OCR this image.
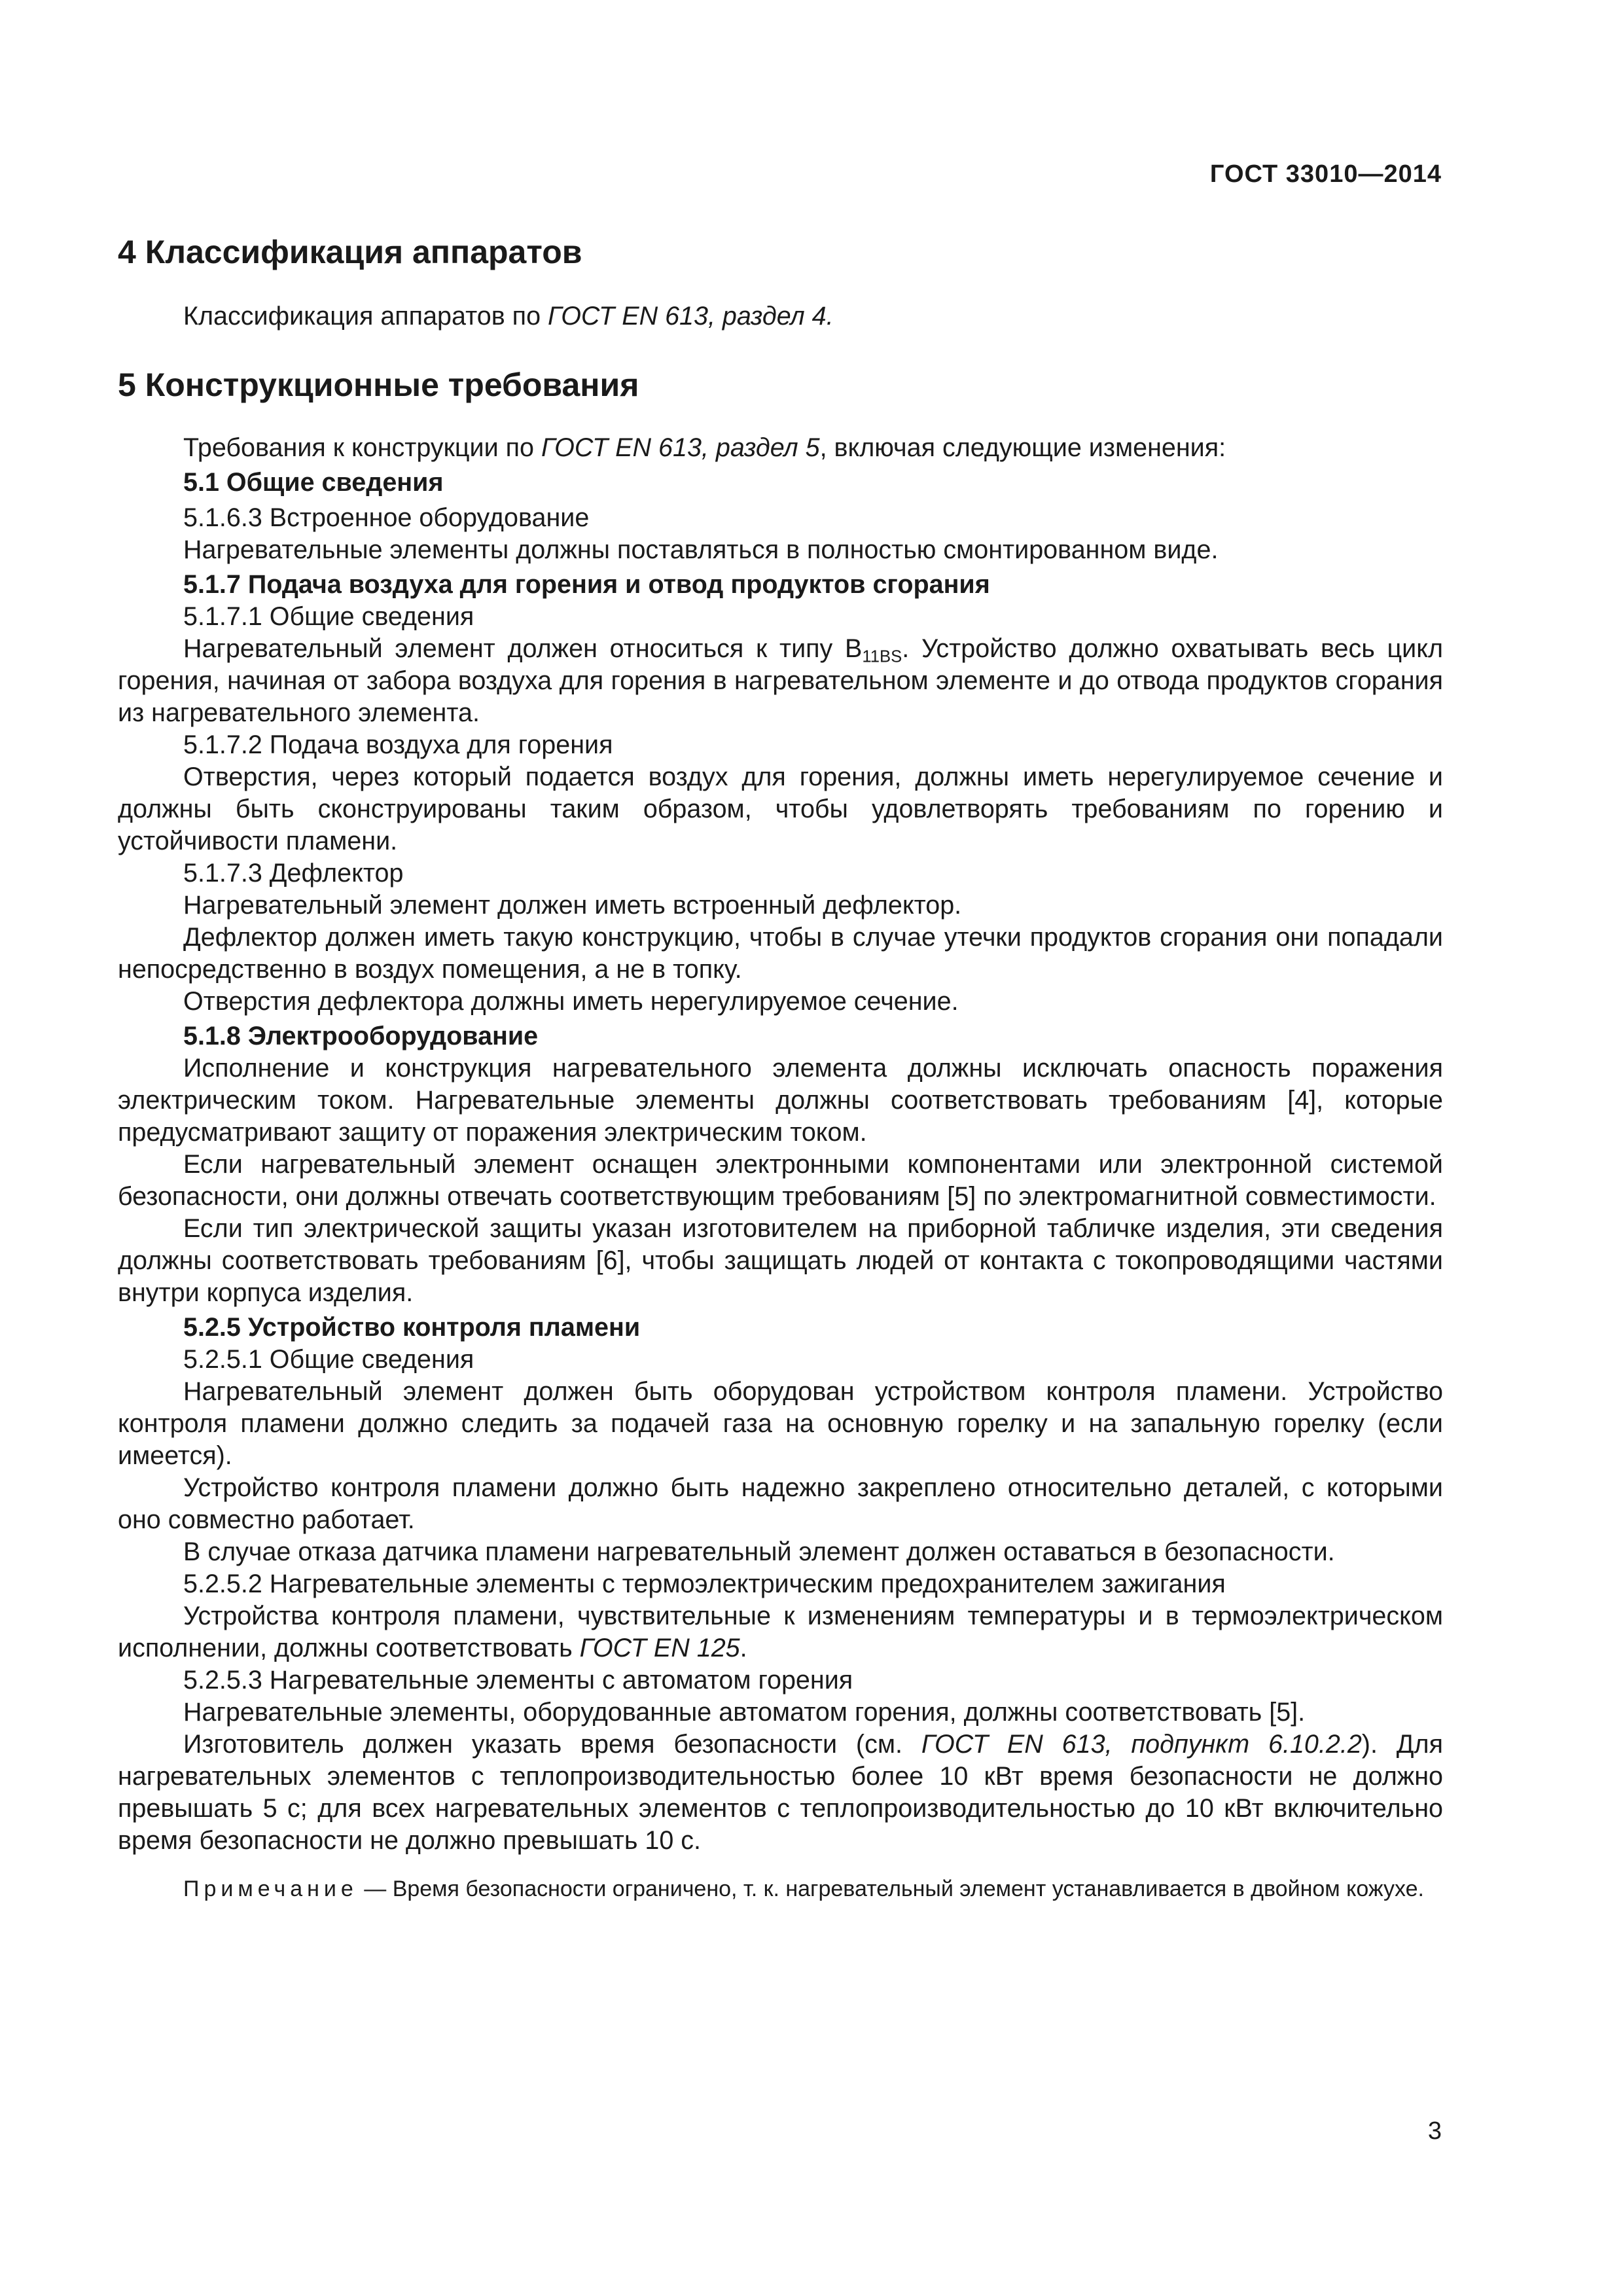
ГОСТ 33010—2014

4 Классификация аппаратов

Классификация аппаратов по ГОСТ EN 613, раздел 4.

5 Конструкционные требования

Требования к конструкции по ГОСТ EN 613, раздел 5, включая следующие изменения:

5.1 Общие сведения

5.1.6.3 Встроенное оборудование

Нагревательные элементы должны поставляться в полностью смонтированном виде.

5.1.7 Подача воздуха для горения и отвод продуктов сгорания

5.1.7.1 Общие сведения

Нагревательный элемент должен относиться к типу $B_{11BS}$. Устройство должно охватывать весь цикл горения, начиная от забора воздуха для горения в нагревательном элементе и до отвода продуктов сгорания из нагревательного элемента.

5.1.7.2 Подача воздуха для горения

Отверстия, через который подается воздух для горения, должны иметь нерегулируемое сечение и должны быть сконструированы таким образом, чтобы удовлетворять требованиям по горению и устойчивости пламени.

5.1.7.3 Дефлектор

Нагревательный элемент должен иметь встроенный дефлектор.

Дефлектор должен иметь такую конструкцию, чтобы в случае утечки продуктов сгорания они попадали непосредственно в воздух помещения, а не в топку.

Отверстия дефлектора должны иметь нерегулируемое сечение.

5.1.8 Электрооборудование

Исполнение и конструкция нагревательного элемента должны исключать опасность поражения электрическим током. Нагревательные элементы должны соответствовать требованиям [4], которые предусматривают защиту от поражения электрическим током.

Если нагревательный элемент оснащен электронными компонентами или электронной системой безопасности, они должны отвечать соответствующим требованиям [5] по электромагнитной совместимости.

Если тип электрической защиты указан изготовителем на приборной табличке изделия, эти сведения должны соответствовать требованиям [6], чтобы защищать людей от контакта с токопроводящими частями внутри корпуса изделия.

5.2.5 Устройство контроля пламени

5.2.5.1 Общие сведения

Нагревательный элемент должен быть оборудован устройством контроля пламени. Устройство контроля пламени должно следить за подачей газа на основную горелку и на запальную горелку (если имеется).

Устройство контроля пламени должно быть надежно закреплено относительно деталей, с которыми оно совместно работает.

В случае отказа датчика пламени нагревательный элемент должен оставаться в безопасности.

5.2.5.2 Нагревательные элементы с термоэлектрическим предохранителем зажигания

Устройства контроля пламени, чувствительные к изменениям температуры и в термоэлектрическом исполнении, должны соответствовать ГОСТ EN 125.

5.2.5.3 Нагревательные элементы с автоматом горения

Нагревательные элементы, оборудованные автоматом горения, должны соответствовать [5].

Изготовитель должен указать время безопасности (см. ГОСТ EN 613, подпункт 6.10.2.2). Для нагревательных элементов с теплопроизводительностью более 10 кВт время безопасности не должно превышать 5 с; для всех нагревательных элементов с теплопроизводительностью до 10 кВт включительно время безопасности не должно превышать 10 с.

Примечание — Время безопасности ограничено, т. к. нагревательный элемент устанавливается в двойном кожухе.

3
